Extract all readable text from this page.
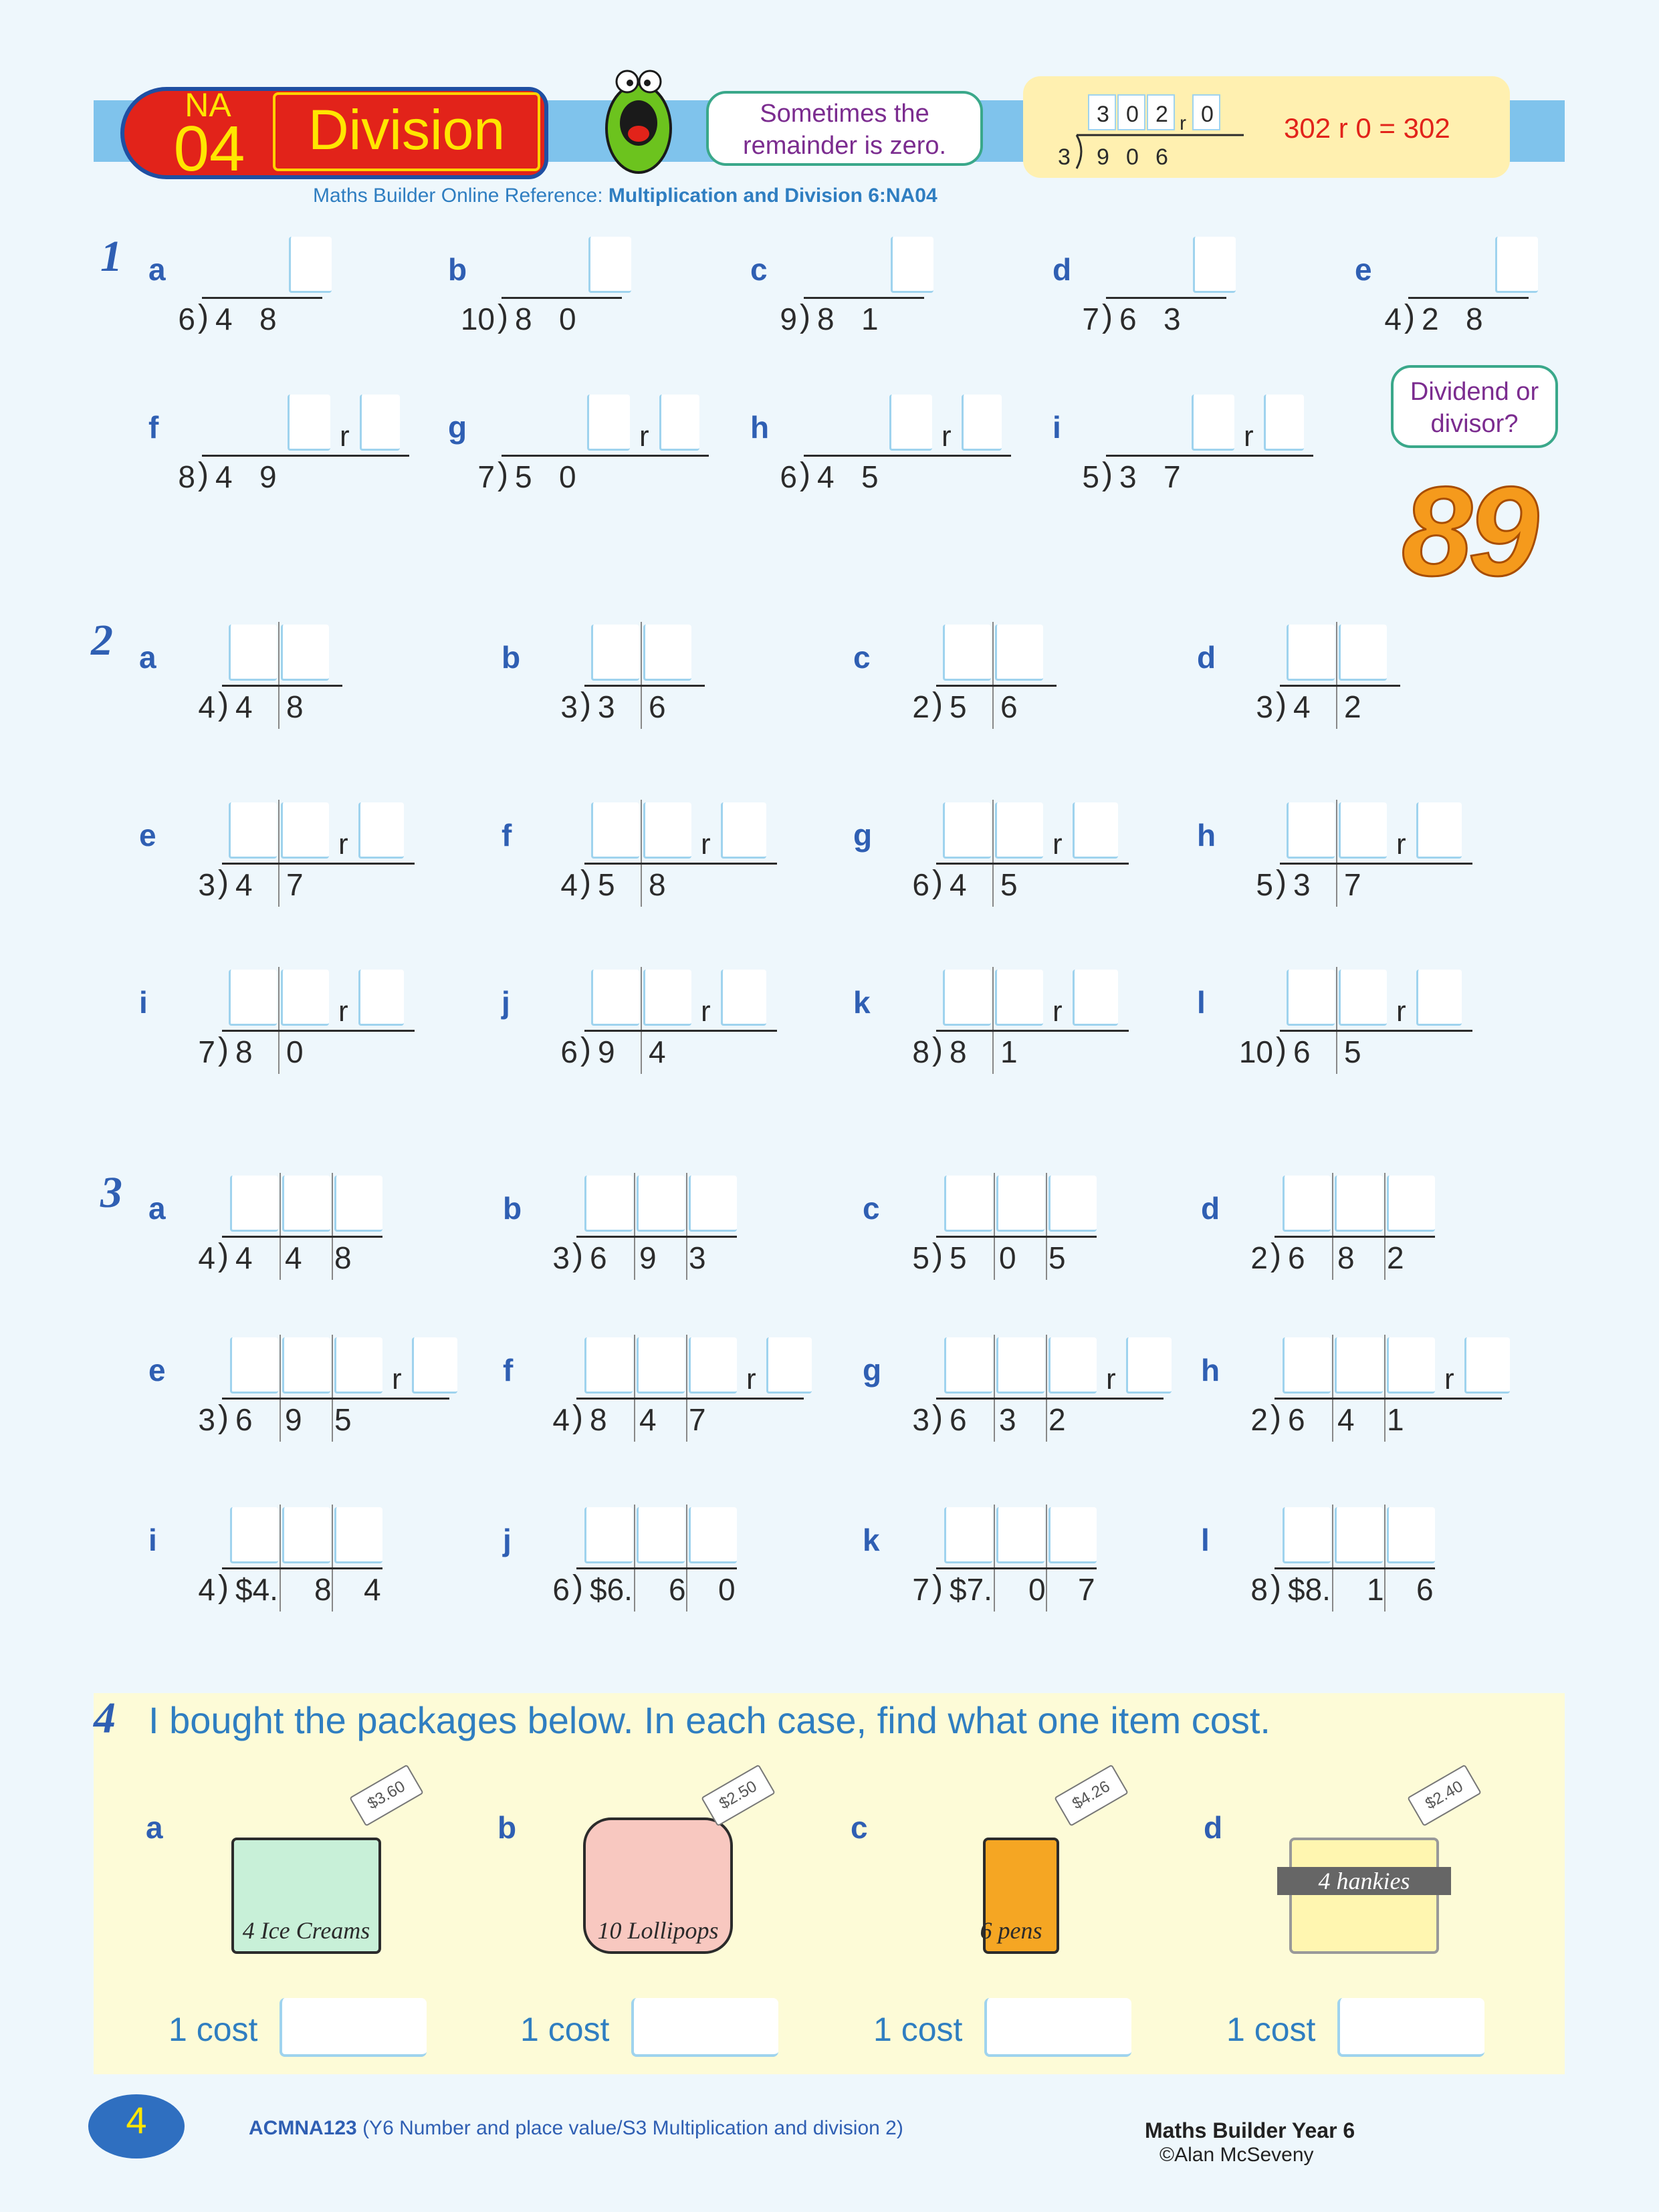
NA
04	Division
Maths Builder Online Reference: Multiplication and Division 6:NA04
Sometimes the remainder is zero.	3 9 0 6
3 0 2 r 0	302 r 0 = 302
1
2
3
a
6 ) 4 8
b
10 ) 8 0
c
9 ) 8 1
d
7 ) 6 3
e
4 ) 2 8
f
8 ) 4 9
r	g
7 ) 5 0
r	h
6 ) 4 5
r	i
5 ) 3 7
r
a
4 ) 4 8
b
3 ) 3 6
c
2 ) 5 6
d
3 ) 4 2
e
3 ) 4 7
r	f
4 ) 5 8
r	g
6 ) 4 5
r	h
5 ) 3 7
r
i
7 ) 8 0
r	j
6 ) 9 4
r	k
8 ) 8 1
r	l
10 ) 6 5
r
a
4 ) 4 4 8
b
3 ) 6 9 3
c
5 ) 5 0 5
d
2 ) 6 8 2
e
3 ) 6 9 5
r	f
4 ) 8 4 7
r	g
3 ) 6 3 2
r	h
2 ) 6 4 1
r
i
4 ) $4. 8 4
j
6 ) $6. 6 0
k
7 ) $7. 0 7
l
8 ) $8. 1 6
Dividend or divisor?
89
4 I bought the packages below. In each case, find what one item cost.
a
4 Ice Creams
$3.60
1 cost
b
10 Lollipops
$2.50
1 cost
c
6 pens
$4.26
1 cost
d
4 hankies
$2.40
1 cost
4	ACMNA123 (Y6 Number and place value/S3 Multiplication and division 2)	Maths Builder Year 6
©Alan McSeveny
